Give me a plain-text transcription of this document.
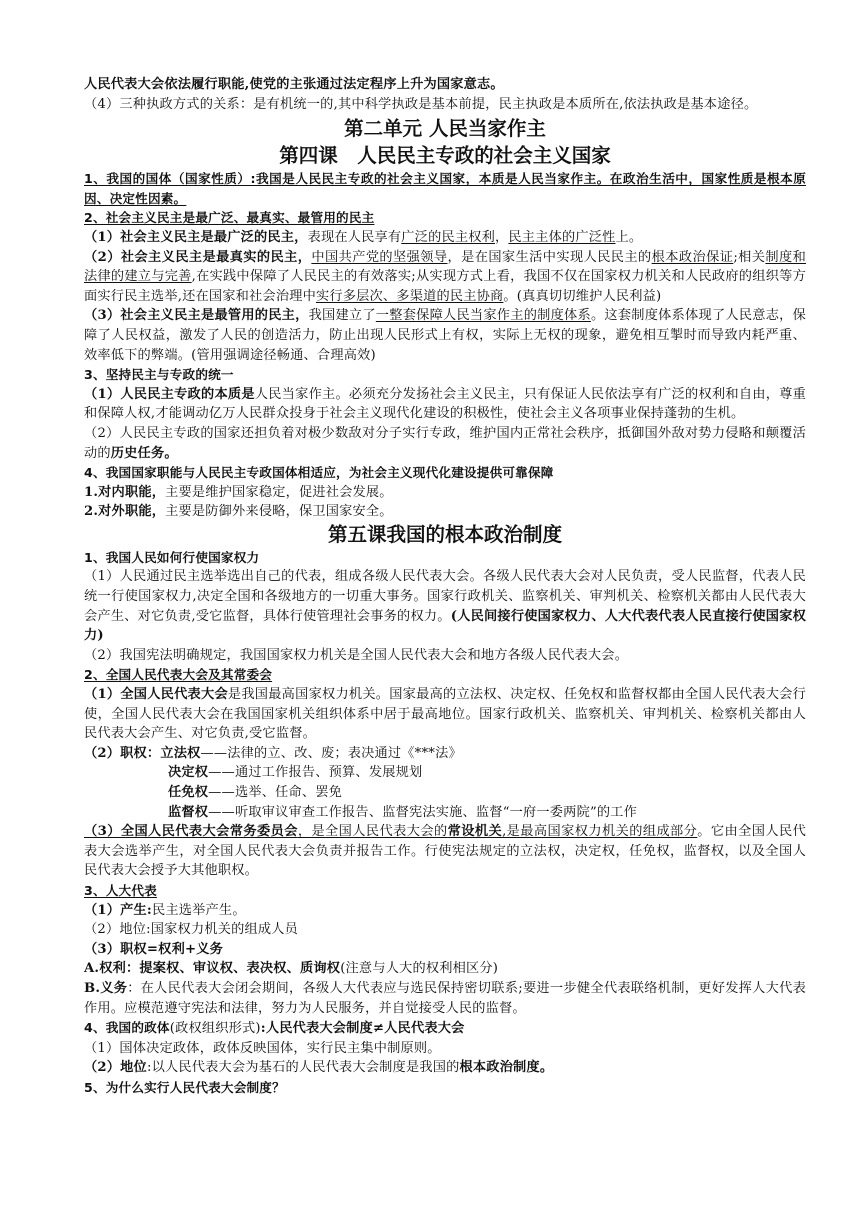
人民代表大会依法履行职能,使党的主张通过法定程序上升为国家意志。

（4）三种执政方式的关系：是有机统一的,其中科学执政是基本前提，民主执政是本质所在,依法执政是基本途径。

第二单元 人民当家作主

第四课　人民民主专政的社会主义国家

1、我国的国体（国家性质）:我国是人民民主专政的社会主义国家，本质是人民当家作主。在政治生活中，国家性质是根本原因、决定性因素。

2、社会主义民主是最广泛、最真实、最管用的民主

（1）社会主义民主是最广泛的民主，表现在人民享有广泛的民主权利，民主主体的广泛性上。

（2）社会主义民主是最真实的民主，中国共产党的坚强领导，是在国家生活中实现人民民主的根本政治保证;相关制度和法律的建立与完善,在实践中保障了人民民主的有效落实;从实现方式上看，我国不仅在国家权力机关和人民政府的组织等方面实行民主选举,还在国家和社会治理中实行多层次、多渠道的民主协商。(真真切切维护人民利益)

（3）社会主义民主是最管用的民主，我国建立了一整套保障人民当家作主的制度体系。这套制度体系体现了人民意志，保障了人民权益，激发了人民的创造活力，防止出现人民形式上有权，实际上无权的现象，避免相互掣时而导致内耗严重、效率低下的弊端。(管用强调途径畅通、合理高效)

3、坚持民主与专政的统一

（1）人民民主专政的本质是人民当家作主。必须充分发扬社会主义民主，只有保证人民依法享有广泛的权利和自由，尊重和保障人权,才能调动亿万人民群众投身于社会主义现代化建设的积极性，使社会主义各项事业保持蓬勃的生机。

（2）人民民主专政的国家还担负着对极少数敌对分子实行专政，维护国内正常社会秩序，抵御国外敌对势力侵略和颠覆活动的历史任务。

4、我国国家职能与人民民主专政国体相适应，为社会主义现代化建设提供可靠保障

1.对内职能，主要是维护国家稳定，促进社会发展。

2.对外职能，主要是防御外来侵略，保卫国家安全。

第五课我国的根本政治制度

1、我国人民如何行使国家权力

（1）人民通过民主选举选出自己的代表，组成各级人民代表大会。各级人民代表大会对人民负责，受人民监督，代表人民统一行使国家权力,决定全国和各级地方的一切重大事务。国家行政机关、监察机关、审判机关、检察机关都由人民代表大会产生、对它负责,受它监督，具体行使管理社会事务的权力。(人民间接行使国家权力、人大代表代表人民直接行使国家权力)

（2）我国宪法明确规定，我国国家权力机关是全国人民代表大会和地方各级人民代表大会。

2、全国人民代表大会及其常委会

（1）全国人民代表大会是我国最高国家权力机关。国家最高的立法权、决定权、任免权和监督权都由全国人民代表大会行使，全国人民代表大会在我国国家机关组织体系中居于最高地位。国家行政机关、监察机关、审判机关、检察机关都由人民代表大会产生、对它负责,受它监督。

（2）职权：立法权——法律的立、改、废；表决通过《***法》

决定权——通过工作报告、预算、发展规划

任免权——选举、任命、罢免

监督权——听取审议审查工作报告、监督宪法实施、监督“一府一委两院”的工作

（3）全国人民代表大会常务委员会，是全国人民代表大会的常设机关,是最高国家权力机关的组成部分。它由全国人民代表大会选举产生，对全国人民代表大会负责并报告工作。行使宪法规定的立法权，决定权，任免权，监督权，以及全国人民代表大会授予大其他职权。

3、人大代表

（1）产生:民主选举产生。

（2）地位:国家权力机关的组成人员

（3）职权=权利+义务

A.权利：提案权、审议权、表决权、质询权(注意与人大的权利相区分)

B.义务：在人民代表大会闭会期间，各级人大代表应与选民保持密切联系;要进一步健全代表联络机制，更好发挥人大代表作用。应模范遵守宪法和法律，努力为人民服务，并自觉接受人民的监督。

4、我国的政体(政权组织形式):人民代表大会制度≠人民代表大会

（1）国体决定政体，政体反映国体，实行民主集中制原则。

（2）地位:以人民代表大会为基石的人民代表大会制度是我国的根本政治制度。

5、为什么实行人民代表大会制度？
